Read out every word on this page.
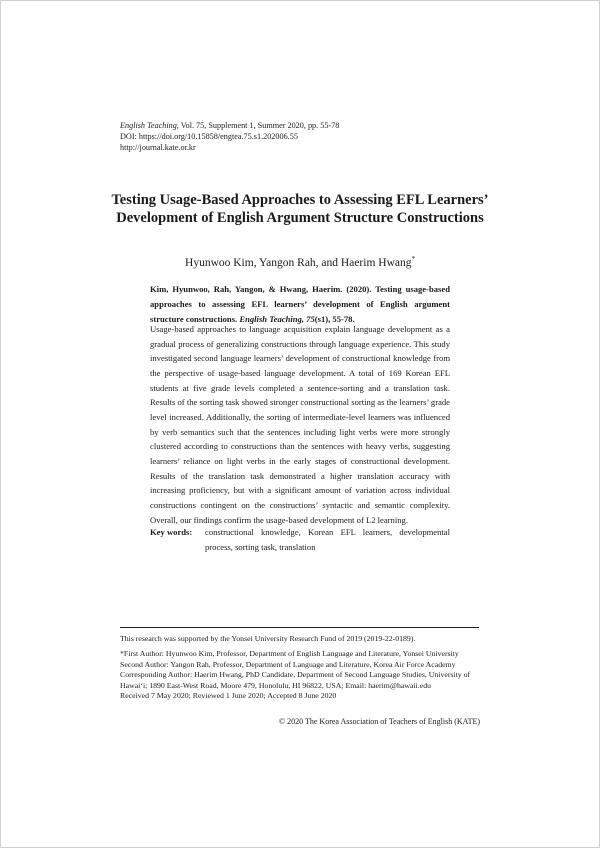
English Teaching, Vol. 75, Supplement 1, Summer 2020, pp. 55-78
DOI: https://doi.org/10.15858/engtea.75.s1.202006.55
http://journal.kate.or.kr
Testing Usage-Based Approaches to Assessing EFL Learners’
Development of English Argument Structure Constructions
Hyunwoo Kim, Yangon Rah, and Haerim Hwang*
Kim, Hyunwoo, Rah, Yangon, & Hwang, Haerim. (2020). Testing usage-based approaches to assessing EFL learners’ development of English argument structure constructions. English Teaching, 75(s1), 55-78.
Usage-based approaches to language acquisition explain language development as a gradual process of generalizing constructions through language experience. This study investigated second language learners’ development of constructional knowledge from the perspective of usage-based language development. A total of 169 Korean EFL students at five grade levels completed a sentence-sorting and a translation task. Results of the sorting task showed stronger constructional sorting as the learners’ grade level increased. Additionally, the sorting of intermediate-level learners was influenced by verb semantics such that the sentences including light verbs were more strongly clustered according to constructions than the sentences with heavy verbs, suggesting learners’ reliance on light verbs in the early stages of constructional development. Results of the translation task demonstrated a higher translation accuracy with increasing proficiency, but with a significant amount of variation across individual constructions contingent on the constructions’ syntactic and semantic complexity. Overall, our findings confirm the usage-based development of L2 learning.
Key words:	constructional knowledge, Korean EFL learners, developmental process, sorting task, translation
This research was supported by the Yonsei University Research Fund of 2019 (2019-22-0189).
*First Author: Hyunwoo Kim, Professor, Department of English Language and Literature, Yonsei University
Second Author: Yangon Rah, Professor, Department of Language and Literature, Korea Air Force Academy
Corresponding Author: Haerim Hwang, PhD Candidate, Department of Second Language Studies, University of Hawai‘i; 1890 East-West Road, Moore 479, Honolulu, HI 96822, USA; Email: haerim@hawaii.edu
Received 7 May 2020; Reviewed 1 June 2020; Accepted 8 June 2020
© 2020 The Korea Association of Teachers of English (KATE)
